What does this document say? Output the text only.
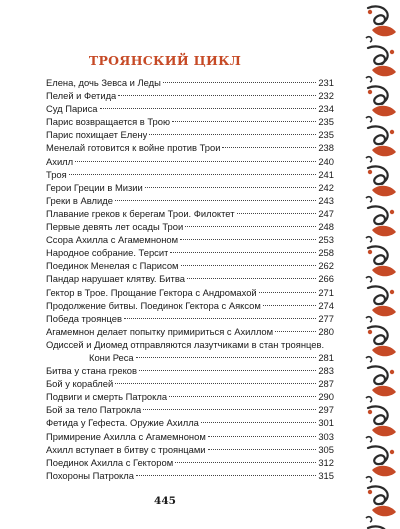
ТРОЯНСКИЙ ЦИКЛ
Елена, дочь Зевса и Леды	231
Пелей и Фетида	232
Суд Париса	234
Парис возвращается в Трою	235
Парис похищает Елену	235
Менелай готовится к войне против Трои	238
Ахилл	240
Троя	241
Герои Греции в Мизии	242
Греки в Авлиде	243
Плавание греков к берегам Трои. Филоктет	247
Первые девять лет осады Трои	248
Ссора Ахилла с Агамемноном	253
Народное собрание. Терсит	258
Поединок Менелая с Парисом	262
Пандар нарушает клятву. Битва	266
Гектор в Трое. Прощание Гектора с Андромахой	271
Продолжение битвы. Поединок Гектора с Аяксом	274
Победа троянцев	277
Агамемнон делает попытку примириться с Ахиллом	280
Одиссей и Диомед отправляются лазутчиками в стан троянцев.
Кони Реса	281
Битва у стана греков	283
Бой у кораблей	287
Подвиги и смерть Патрокла	290
Бой за тело Патрокла	297
Фетида у Гефеста. Оружие Ахилла	301
Примирение Ахилла с Агамемноном	303
Ахилл вступает в битву с троянцами	305
Поединок Ахилла с Гектором	312
Похороны Патрокла	315
445
